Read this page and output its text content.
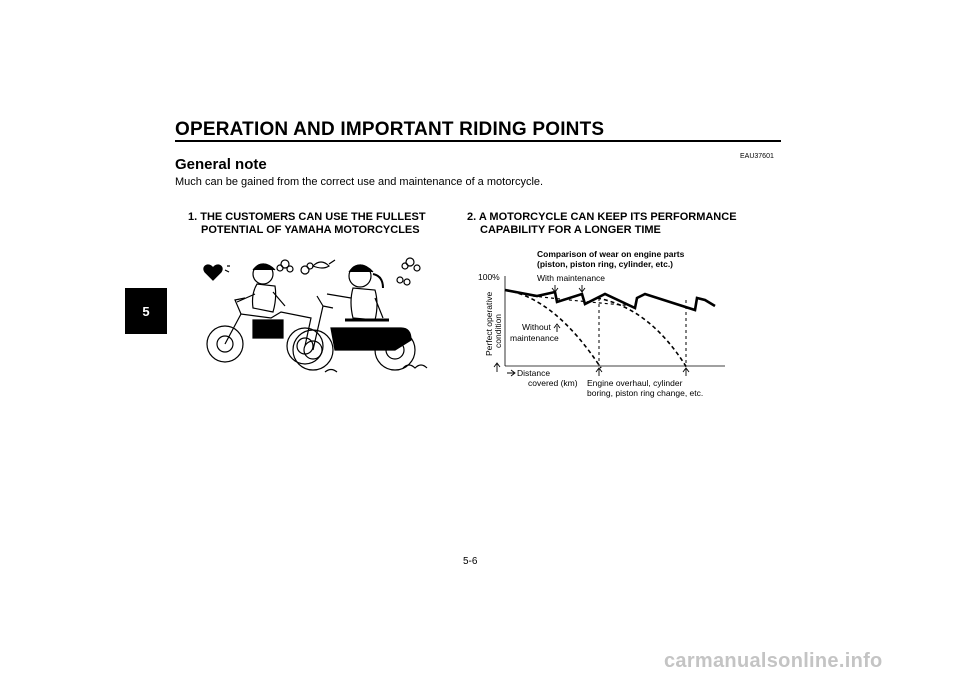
OPERATION AND IMPORTANT RIDING POINTS
EAU37601
General note
Much can be gained from the correct use and maintenance of a motorcycle.
5
1. THE CUSTOMERS CAN USE THE FULLEST
POTENTIAL OF YAMAHA MOTORCYCLES
2. A MOTORCYCLE CAN KEEP ITS PERFORMANCE
CAPABILITY FOR A LONGER TIME
Comparison of wear on engine parts
(piston, piston ring, cylinder, etc.)
100%	With maintenance
Perfect operative condition Without
maintenance
Distance
covered (km) Engine overhaul, cylinder
boring, piston ring change, etc.
5-6
carmanualsonline.info
